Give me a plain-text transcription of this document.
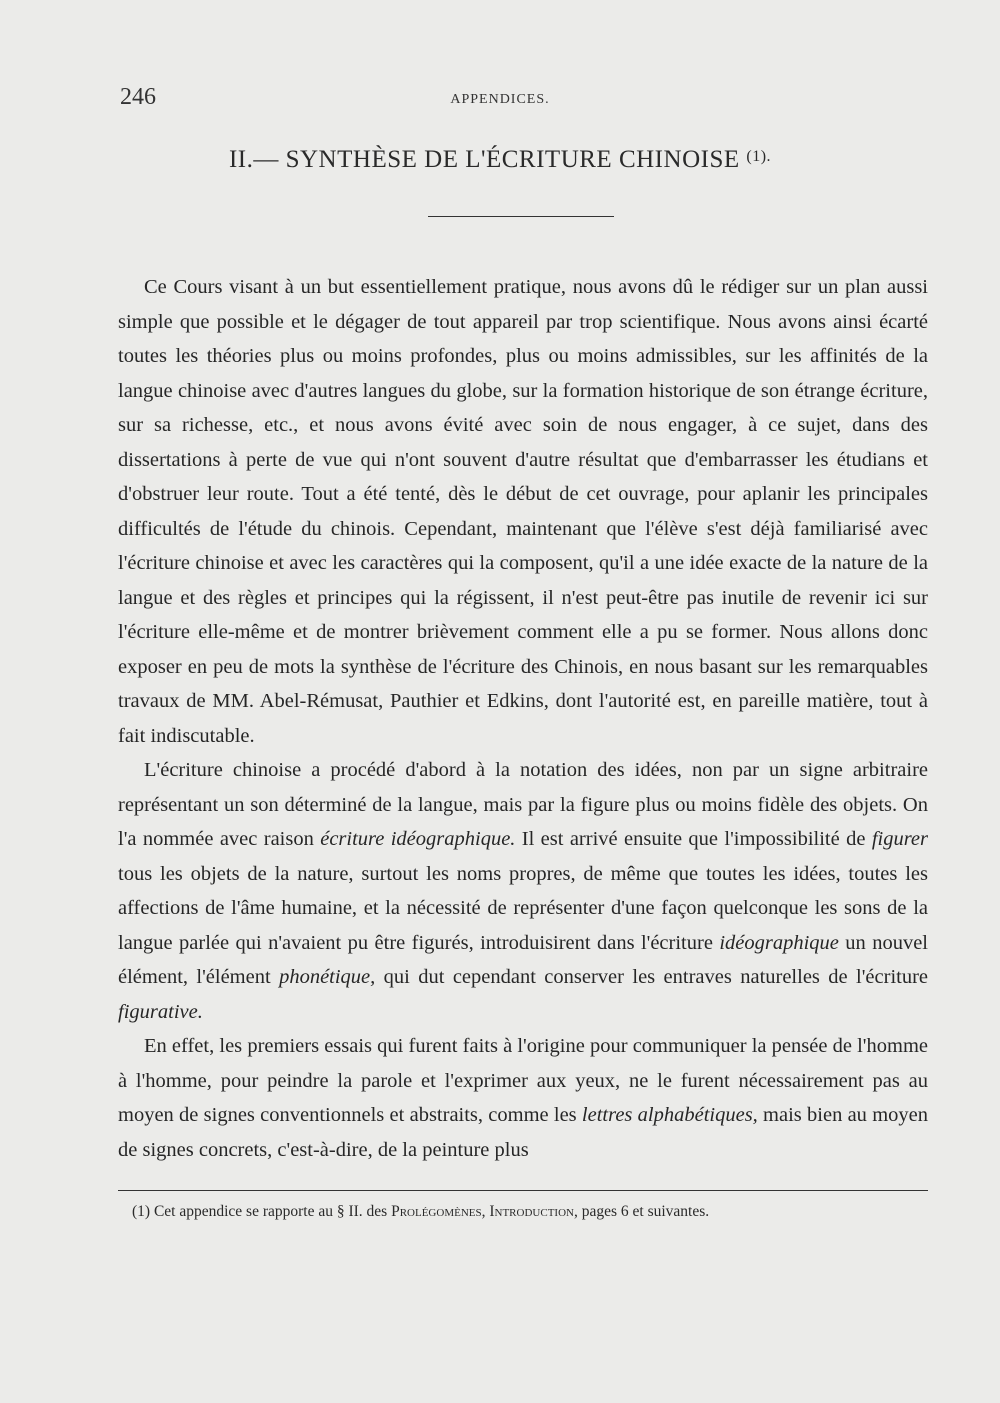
246	APPENDICES.
II.— SYNTHÈSE DE L'ÉCRITURE CHINOISE $^{(1).}$

Ce Cours visant à un but essentiellement pratique, nous avons dû le rédiger sur un plan aussi simple que possible et le dégager de tout appareil par trop scientifique. Nous avons ainsi écarté toutes les théories plus ou moins profondes, plus ou moins admissibles, sur les affinités de la langue chinoise avec d'autres langues du globe, sur la formation historique de son étrange écriture, sur sa richesse, etc., et nous avons évité avec soin de nous engager, à ce sujet, dans des dissertations à perte de vue qui n'ont souvent d'autre résultat que d'embarrasser les étudians et d'obstruer leur route. Tout a été tenté, dès le début de cet ouvrage, pour aplanir les principales difficultés de l'étude du chinois. Cependant, maintenant que l'élève s'est déjà familiarisé avec l'écriture chinoise et avec les caractères qui la composent, qu'il a une idée exacte de la nature de la langue et des règles et principes qui la régissent, il n'est peut-être pas inutile de revenir ici sur l'écriture elle-même et de montrer brièvement comment elle a pu se former. Nous allons donc exposer en peu de mots la synthèse de l'écriture des Chinois, en nous basant sur les remarquables travaux de MM. Abel-Rémusat, Pauthier et Edkins, dont l'autorité est, en pareille matière, tout à fait indiscutable.

L'écriture chinoise a procédé d'abord à la notation des idées, non par un signe arbitraire représentant un son déterminé de la langue, mais par la figure plus ou moins fidèle des objets. On l'a nommée avec raison écriture idéographique. Il est arrivé ensuite que l'impossibilité de figurer tous les objets de la nature, surtout les noms propres, de même que toutes les idées, toutes les affections de l'âme humaine, et la nécessité de représenter d'une façon quelconque les sons de la langue parlée qui n'avaient pu être figurés, introduisirent dans l'écriture idéographique un nouvel élément, l'élément phonétique, qui dut cependant conserver les entraves naturelles de l'écriture figurative.

En effet, les premiers essais qui furent faits à l'origine pour communiquer la pensée de l'homme à l'homme, pour peindre la parole et l'exprimer aux yeux, ne le furent nécessairement pas au moyen de signes conventionnels et abstraits, comme les lettres alphabétiques, mais bien au moyen de signes concrets, c'est-à-dire, de la peinture plus

(1) Cet appendice se rapporte au § II. des Prolégomènes, Introduction, pages 6 et suivantes.
